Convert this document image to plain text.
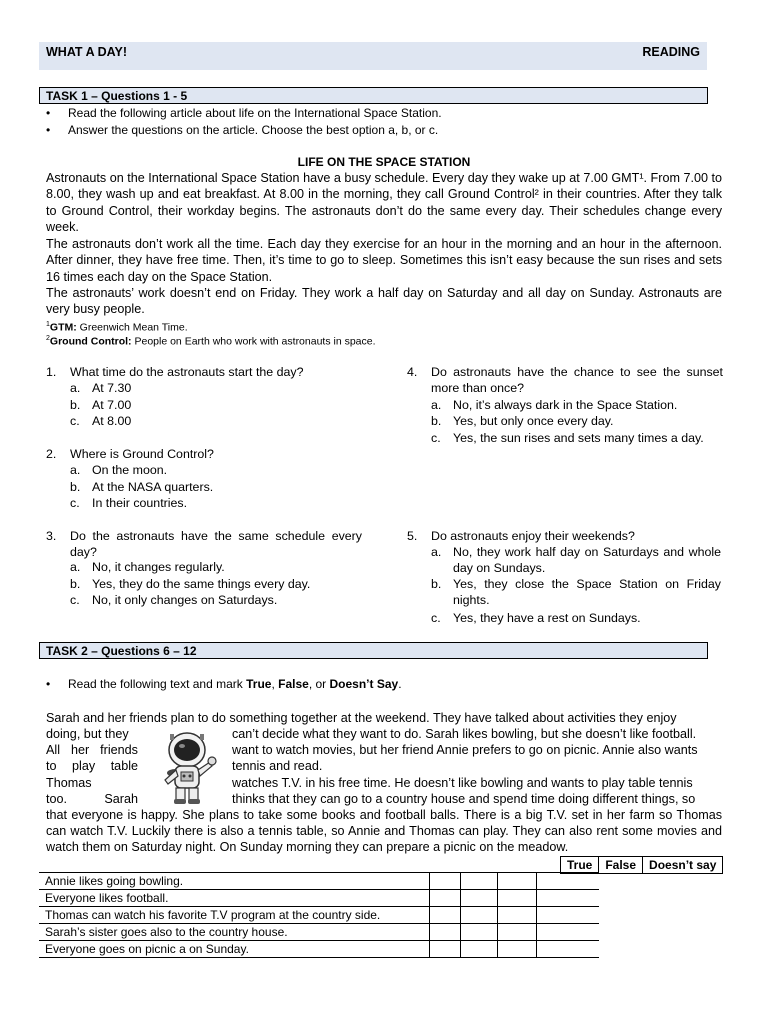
WHAT A DAY!	READING
TASK 1 – Questions 1 - 5
• Read the following article about life on the International Space Station.
• Answer the questions on the article. Choose the best option a, b, or c.
LIFE ON THE SPACE STATION
Astronauts on the International Space Station have a busy schedule. Every day they wake up at 7.00 GMT¹. From 7.00 to 8.00, they wash up and eat breakfast. At 8.00 in the morning, they call Ground Control² in their countries. After they talk to Ground Control, their workday begins. The astronauts don’t do the same every day. Their schedules change every week.
The astronauts don’t work all the time. Each day they exercise for an hour in the morning and an hour in the afternoon. After dinner, they have free time. Then, it’s time to go to sleep. Sometimes this isn’t easy because the sun rises and sets 16 times each day on the Space Station.
The astronauts’ work doesn’t end on Friday. They work a half day on Saturday and all day on Sunday. Astronauts are very busy people.
$^1$GTM: Greenwich Mean Time.
$^2$Ground Control: People on Earth who work with astronauts in space.
1. What time do the astronauts start the day?
a. At 7.30
b. At 7.00
c. At 8.00
2. Where is Ground Control?
a. On the moon.
b. At the NASA quarters.
c. In their countries.
3. Do the astronauts have the same schedule every day?
a. No, it changes regularly.
b. Yes, they do the same things every day.
c. No, it only changes on Saturdays.
4. Do astronauts have the chance to see the sunset more than once?
a. No, it’s always dark in the Space Station.
b. Yes, but only once every day.
c. Yes, the sun rises and sets many times a day.
5. Do astronauts enjoy their weekends?
a. No, they work half day on Saturdays and whole day on Sundays.
b. Yes, they close the Space Station on Friday nights.
c. Yes, they have a rest on Sundays.
TASK 2 – Questions 6 – 12
• Read the following text and mark True, False, or Doesn’t Say.
Sarah and her friends plan to do something together at the weekend. They have talked about activities they enjoy
doing, but they
All her friends
to play table
Thomas
too.	Sarah
can’t decide what they want to do. Sarah likes bowling, but she doesn’t like football.
want to watch movies, but her friend Annie prefers to go on picnic. Annie also wants
tennis and read.
watches T.V. in his free time. He doesn’t like bowling and wants to play table tennis
thinks that they can go to a country house and spend time doing different things, so
that everyone is happy. She plans to take some books and football balls. There is a big T.V. set in her farm so Thomas can watch T.V. Luckily there is also a tennis table, so Annie and Thomas can play. They can also rent some movies and watch them on Saturday night. On Sunday morning they can prepare a picnic on the meadow.
True	False	Doesn’t say
Annie likes going bowling.				
Everyone likes football.				
Thomas can watch his favorite T.V program at the country side.				
Sarah’s sister goes also to the country house.				
Everyone goes on picnic a on Sunday.				
